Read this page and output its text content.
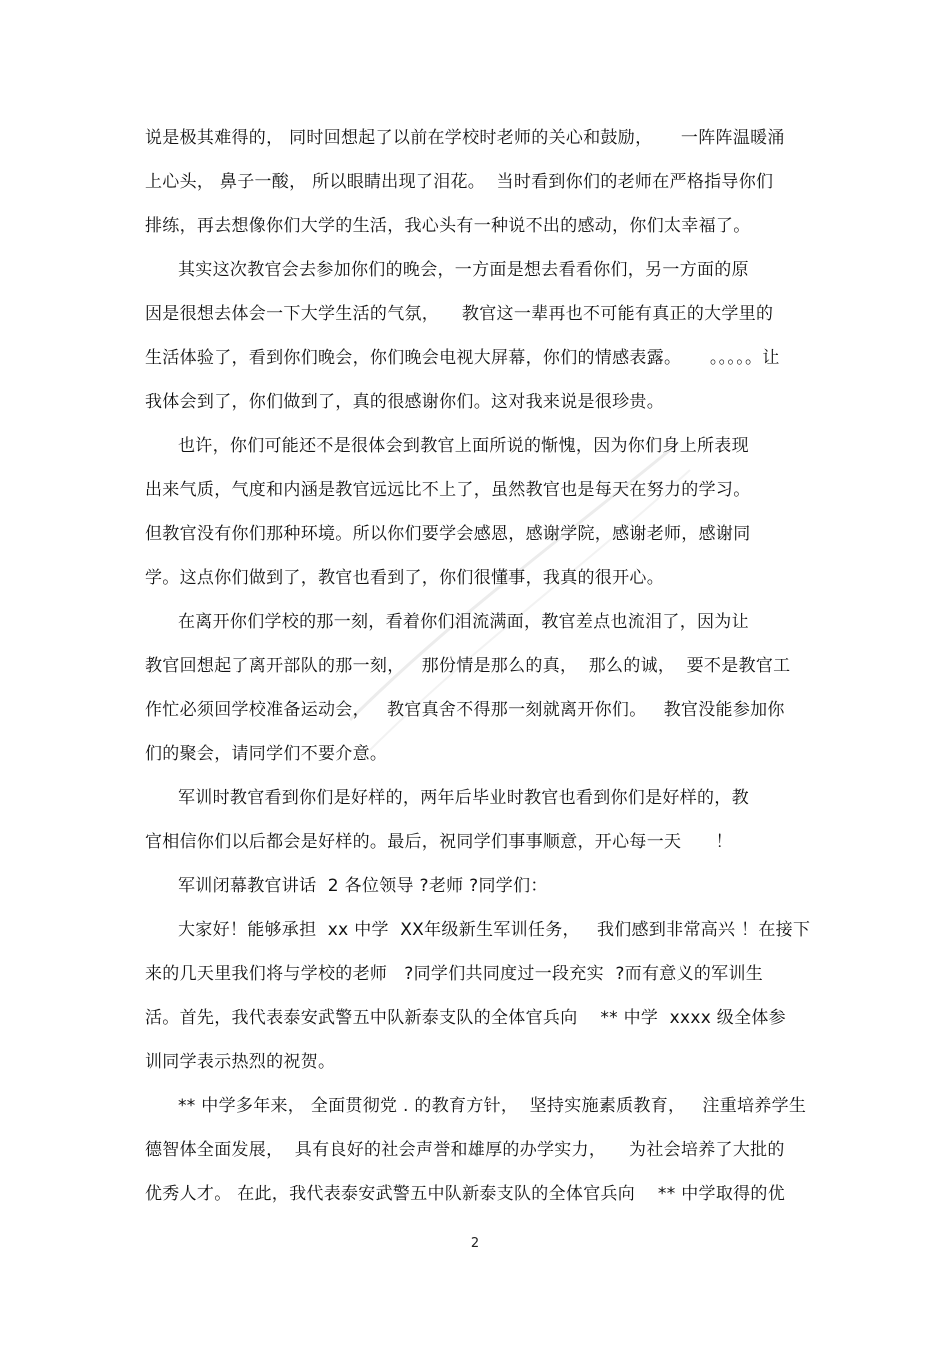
说是极其难得的， 同时回想起了以前在学校时老师的关心和鼓励，     一阵阵温暖涌
上心头， 鼻子一酸， 所以眼睛出现了泪花。  当时看到你们的老师在严格指导你们
排练，再去想像你们大学的生活，我心头有一种说不出的感动，你们太幸福了。
其实这次教官会去参加你们的晚会，一方面是想去看看你们，另一方面的原
因是很想去体会一下大学生活的气氛，    教官这一辈再也不可能有真正的大学里的
生活体验了，看到你们晚会，你们晚会电视大屏幕，你们的情感表露。     。。。。。让
我体会到了，你们做到了，真的很感谢你们。这对我来说是很珍贵。
也许，你们可能还不是很体会到教官上面所说的惭愧，因为你们身上所表现
出来气质，气度和内涵是教官远远比不上了，虽然教官也是每天在努力的学习。
但教官没有你们那种环境。所以你们要学会感恩，感谢学院，感谢老师，感谢同
学。这点你们做到了，教官也看到了，你们很懂事，我真的很开心。
在离开你们学校的那一刻，看着你们泪流满面，教官差点也流泪了，因为让
教官回想起了离开部队的那一刻，   那份情是那么的真，  那么的诚，  要不是教官工
作忙必须回学校准备运动会，   教官真舍不得那一刻就离开你们。   教官没能参加你
们的聚会，请同学们不要介意。
军训时教官看到你们是好样的，两年后毕业时教官也看到你们是好样的，教
官相信你们以后都会是好样的。最后，祝同学们事事顺意，开心每一天      ！
军训闭幕教官讲话  2 各位领导 ?老师 ?同学们：
大家好！能够承担  xx 中学  XX年级新生军训任务，   我们感到非常高兴 ！在接下
来的几天里我们将与学校的老师   ?同学们共同度过一段充实  ?而有意义的军训生
活。首先，我代表泰安武警五中队新泰支队的全体官兵向    ** 中学  xxxx 级全体参
训同学表示热烈的祝贺。
** 中学多年来， 全面贯彻党 . 的教育方针，  坚持实施素质教育，   注重培养学生
德智体全面发展，  具有良好的社会声誉和雄厚的办学实力，    为社会培养了大批的
优秀人才。 在此，我代表泰安武警五中队新泰支队的全体官兵向    ** 中学取得的优
2
